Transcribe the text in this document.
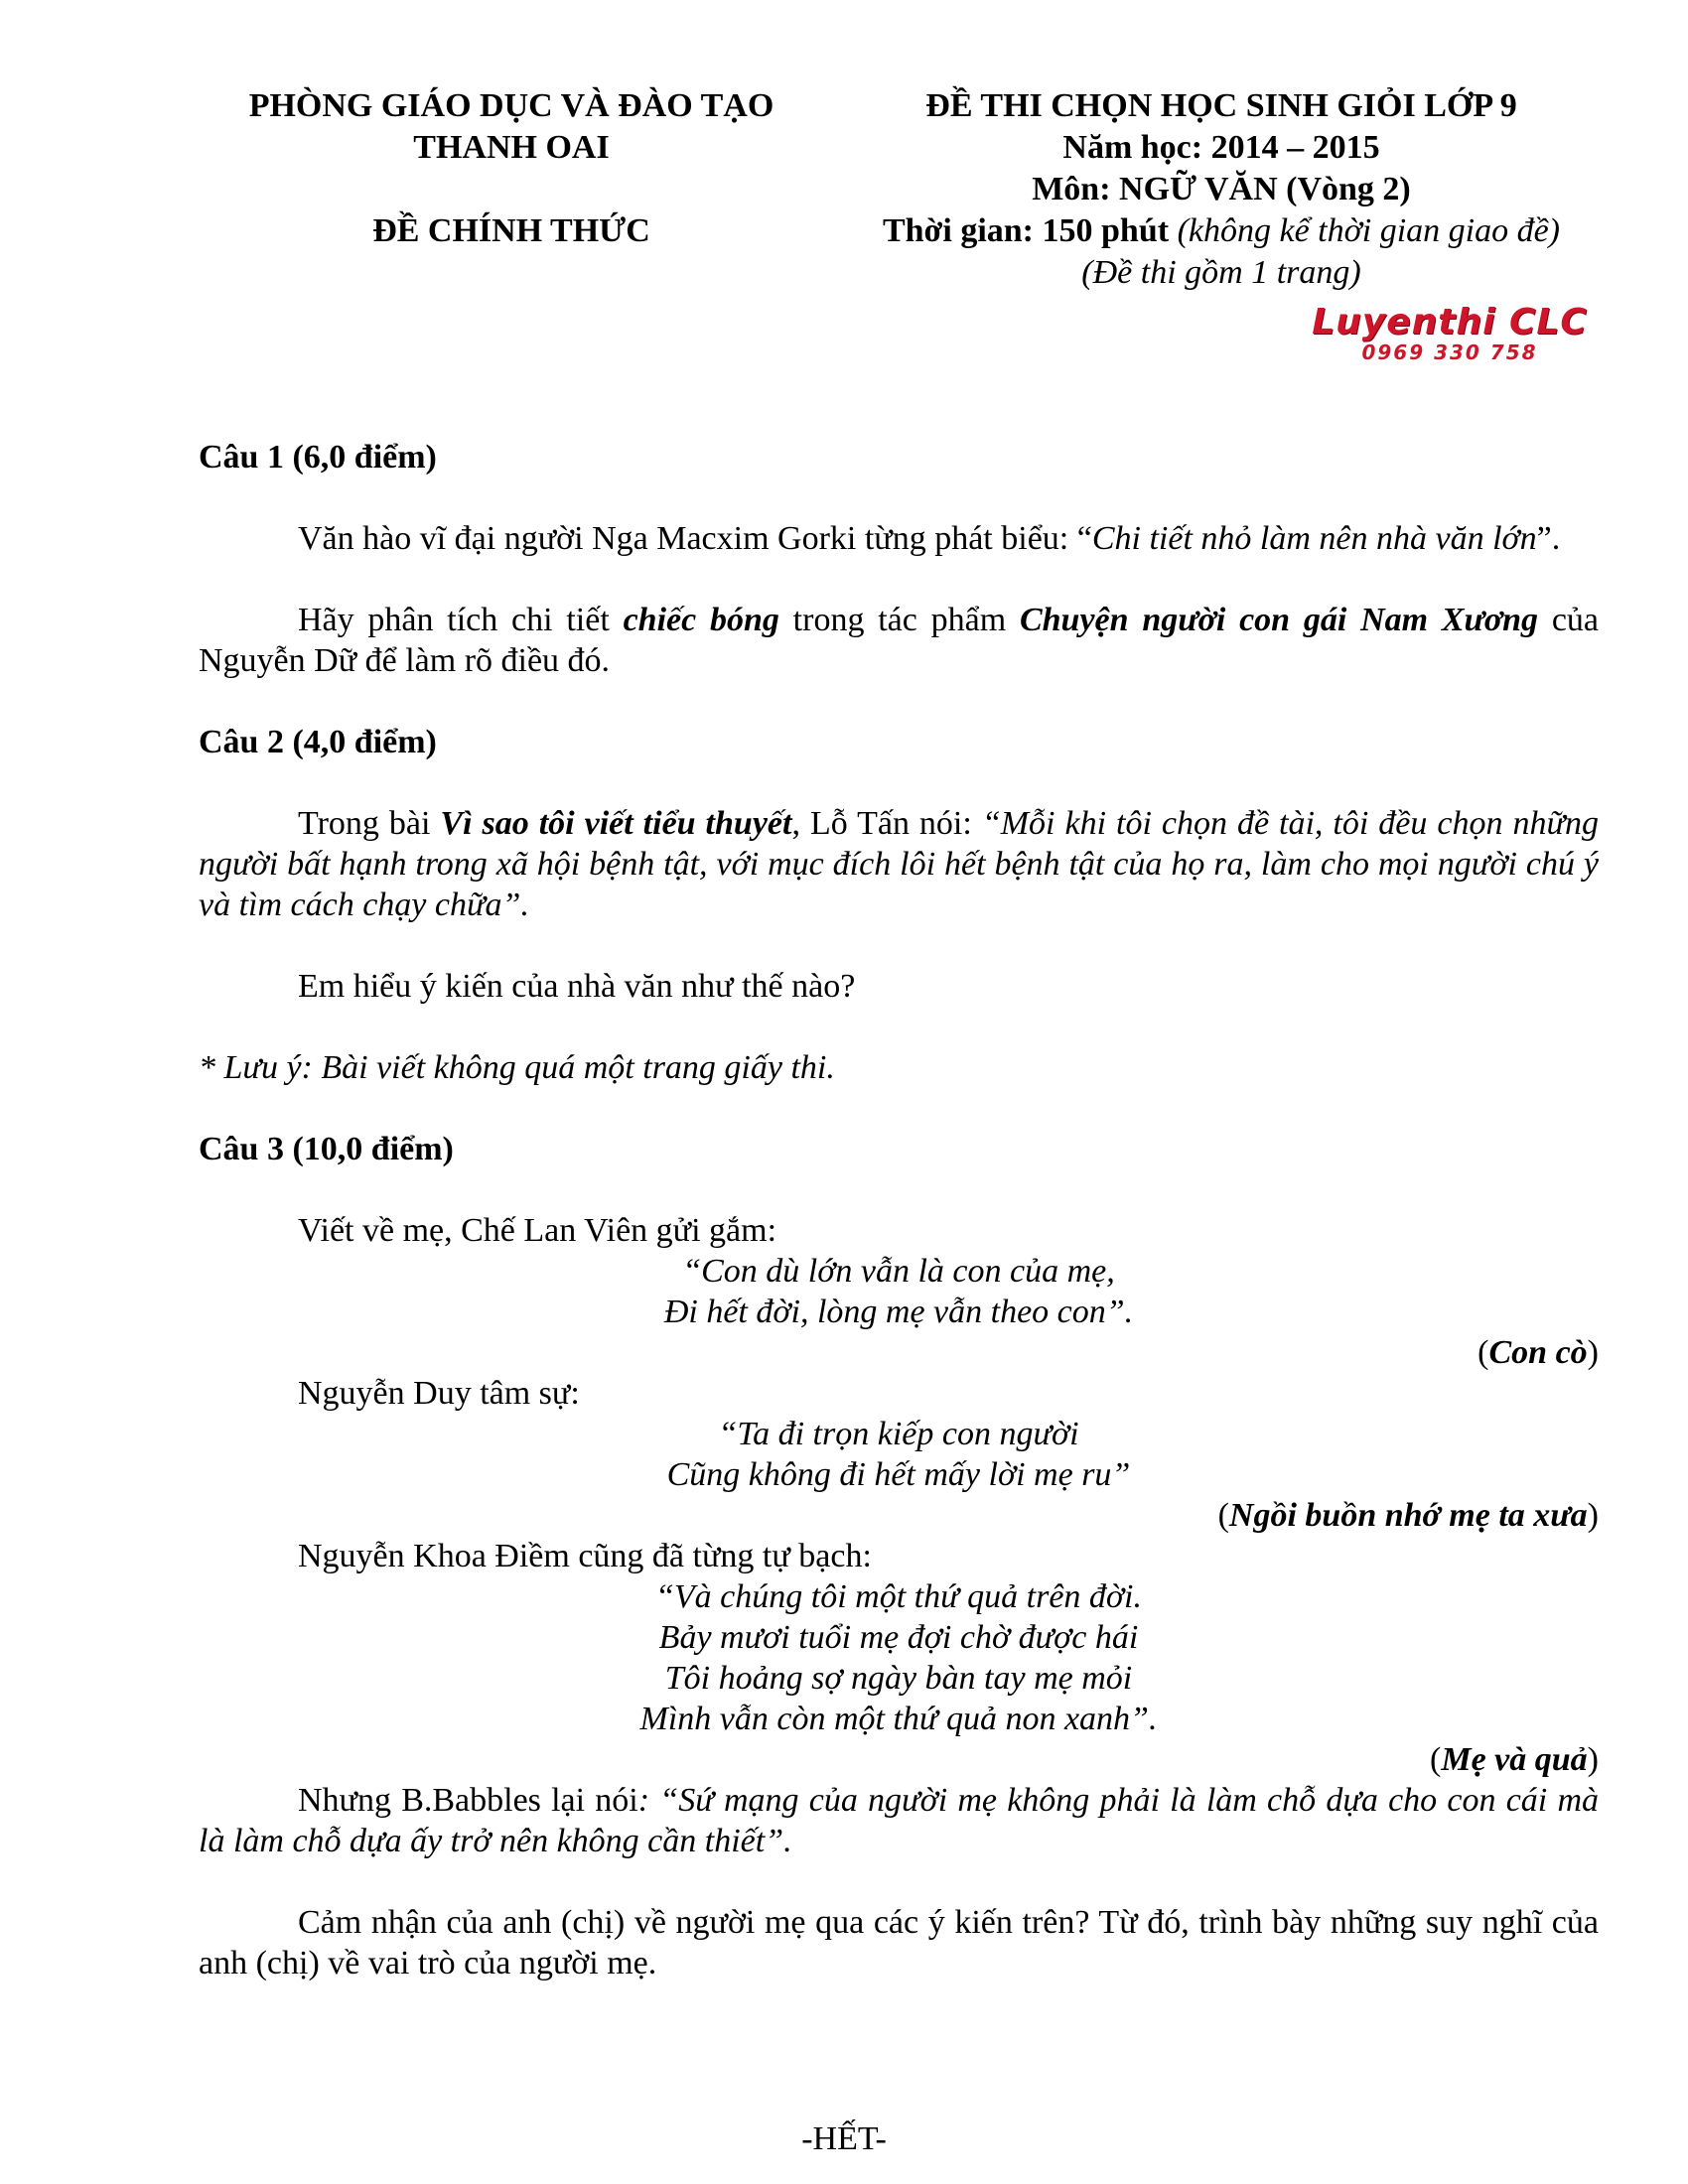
PHÒNG GIÁO DỤC VÀ ĐÀO TẠO
THANH OAI
ĐỀ CHÍNH THỨC
ĐỀ THI CHỌN HỌC SINH GIỎI LỚP 9
Năm học: 2014 – 2015
Môn: NGỮ VĂN (Vòng 2)
Thời gian: 150 phút (không kể thời gian giao đề)
(Đề thi gồm 1 trang)
Luyenthi CLC
0969 330 758

Câu 1 (6,0 điểm)

Văn hào vĩ đại người Nga Macxim Gorki từng phát biểu: “Chi tiết nhỏ làm nên nhà văn lớn”.

Hãy phân tích chi tiết chiếc bóng trong tác phẩm Chuyện người con gái Nam Xương của Nguyễn Dữ để làm rõ điều đó.

Câu 2 (4,0 điểm)

Trong bài Vì sao tôi viết tiểu thuyết, Lỗ Tấn nói: “Mỗi khi tôi chọn đề tài, tôi đều chọn những người bất hạnh trong xã hội bệnh tật, với mục đích lôi hết bệnh tật của họ ra, làm cho mọi người chú ý và tìm cách chạy chữa”.

Em hiểu ý kiến của nhà văn như thế nào?

* Lưu ý: Bài viết không quá một trang giấy thi.

Câu 3 (10,0 điểm)

Viết về mẹ, Chế Lan Viên gửi gắm:

“Con dù lớn vẫn là con của mẹ,
Đi hết đời, lòng mẹ vẫn theo con”.
(Con cò)

Nguyễn Duy tâm sự:

“Ta đi trọn kiếp con người
Cũng không đi hết mấy lời mẹ ru”
(Ngồi buồn nhớ mẹ ta xưa)

Nguyễn Khoa Điềm cũng đã từng tự bạch:

“Và chúng tôi một thứ quả trên đời.
Bảy mươi tuổi mẹ đợi chờ được hái
Tôi hoảng sợ ngày bàn tay mẹ mỏi
Mình vẫn còn một thứ quả non xanh”.
(Mẹ và quả)

Nhưng B.Babbles lại nói: “Sứ mạng của người mẹ không phải là làm chỗ dựa cho con cái mà là làm chỗ dựa ấy trở nên không cần thiết”.

Cảm nhận của anh (chị) về người mẹ qua các ý kiến trên? Từ đó, trình bày những suy nghĩ của anh (chị) về vai trò của người mẹ.

-HẾT-
